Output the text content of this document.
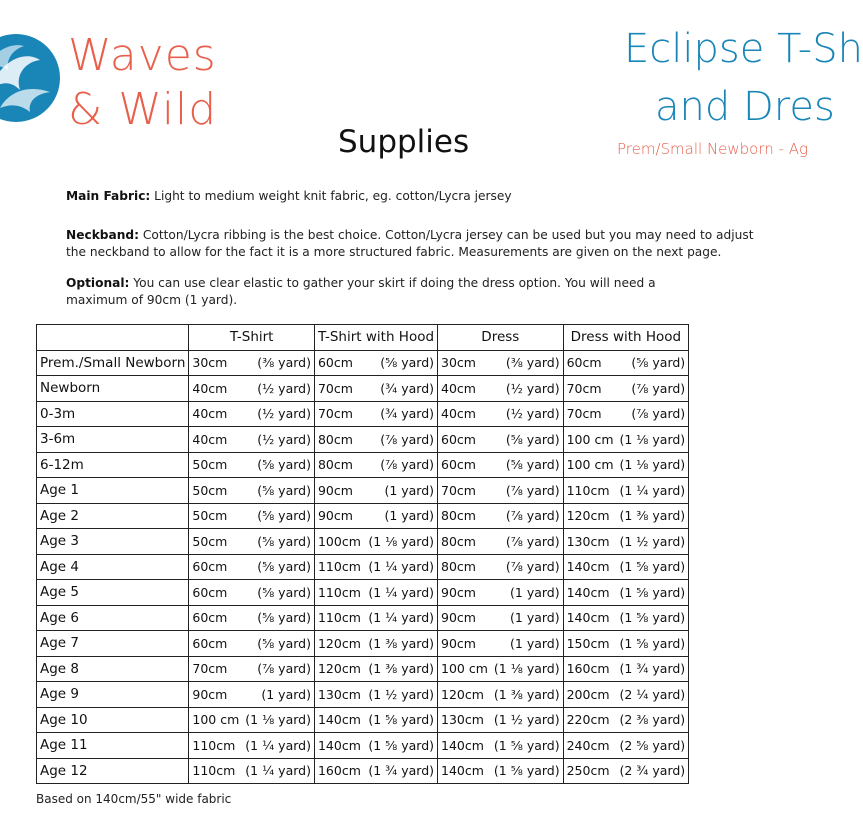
Waves
& Wild
Eclipse T-Sh
and Dres
Prem/Small Newborn - Ag
Supplies
Main Fabric: Light to medium weight knit fabric, eg. cotton/Lycra jersey
Neckband: Cotton/Lycra ribbing is the best choice. Cotton/Lycra jersey can be used but you may need to adjust the neckband to allow for the fact it is a more structured fabric. Measurements are given on the next page.
Optional: You can use clear elastic to gather your skirt if doing the dress option. You will need a maximum of 90cm (1 yard).
	T-Shirt		T-Shirt with Hood		Dress		Dress with Hood	
Prem./Small Newborn	30cm	(⅜ yard)	60cm	(⅝ yard)	30cm	(⅜ yard)	60cm	(⅝ yard)
Newborn	40cm	(½ yard)	70cm	(¾ yard)	40cm	(½ yard)	70cm	(⅞ yard)
0-3m	40cm	(½ yard)	70cm	(¾ yard)	40cm	(½ yard)	70cm	(⅞ yard)
3-6m	40cm	(½ yard)	80cm	(⅞ yard)	60cm	(⅝ yard)	100 cm	(1 ⅛ yard)
6-12m	50cm	(⅝ yard)	80cm	(⅞ yard)	60cm	(⅝ yard)	100 cm	(1 ⅛ yard)
Age 1	50cm	(⅝ yard)	90cm	(1 yard)	70cm	(⅞ yard)	110cm	(1 ¼ yard)
Age 2	50cm	(⅝ yard)	90cm	(1 yard)	80cm	(⅞ yard)	120cm	(1 ⅜ yard)
Age 3	50cm	(⅝ yard)	100cm	(1 ⅛ yard)	80cm	(⅞ yard)	130cm	(1 ½ yard)
Age 4	60cm	(⅝ yard)	110cm	(1 ¼ yard)	80cm	(⅞ yard)	140cm	(1 ⅝ yard)
Age 5	60cm	(⅝ yard)	110cm	(1 ¼ yard)	90cm	(1 yard)	140cm	(1 ⅝ yard)
Age 6	60cm	(⅝ yard)	110cm	(1 ¼ yard)	90cm	(1 yard)	140cm	(1 ⅝ yard)
Age 7	60cm	(⅝ yard)	120cm	(1 ⅜ yard)	90cm	(1 yard)	150cm	(1 ⅝ yard)
Age 8	70cm	(⅞ yard)	120cm	(1 ⅜ yard)	100 cm	(1 ⅛ yard)	160cm	(1 ¾ yard)
Age 9	90cm	(1 yard)	130cm	(1 ½ yard)	120cm	(1 ⅜ yard)	200cm	(2 ¼ yard)
Age 10	100 cm	(1 ⅛ yard)	140cm	(1 ⅝ yard)	130cm	(1 ½ yard)	220cm	(2 ⅜ yard)
Age 11	110cm	(1 ¼ yard)	140cm	(1 ⅝ yard)	140cm	(1 ⅝ yard)	240cm	(2 ⅝ yard)
Age 12	110cm	(1 ¼ yard)	160cm	(1 ¾ yard)	140cm	(1 ⅝ yard)	250cm	(2 ¾ yard)
Based on 140cm/55" wide fabric
